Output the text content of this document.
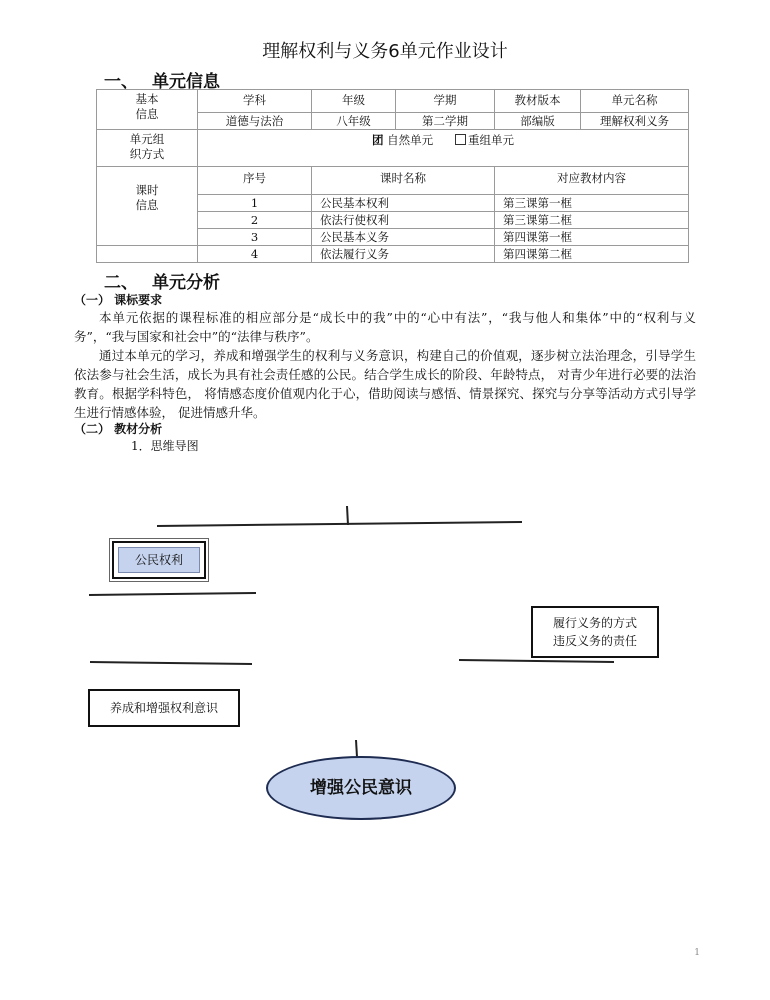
理解权利与义务6单元作业设计
一、 单元信息
基本
信息	学科	年级	学期	教材版本	单元名称
	道德与法治	八年级	第二学期	部编版	理解权利义务
单元组
织方式	团 自然单元 重组单元				
课时
信息	序号	课时名称		对应教材内容	
	1	公民基本权利		第三课第一框	
	2	依法行使权利		第三课第二框	
	3	公民基本义务		第四课第一框	
	4	依法履行义务		第四课第二框	
二、 单元分析
（一） 课标要求
本单元依据的课程标准的相应部分是“成长中的我”中的“心中有法”，“我与他人和集体”中的“权利与义务”，“我与国家和社会中”的“法律与秩序”。
通过本单元的学习，养成和增强学生的权利与义务意识，构建自己的价值观，逐步树立法治理念，引导学生依法参与社会生活，成长为具有社会责任感的公民。结合学生成长的阶段、年龄特点， 对青少年进行必要的法治教育。根据学科特色， 将情感态度价值观内化于心，借助阅读与感悟、情景探究、探究与分享等活动方式引导学生进行情感体验， 促进情感升华。
（二） 教材分析
1．思维导图
公民权利
履行义务的方式
违反义务的责任
养成和增强权利意识
增强公民意识
1
